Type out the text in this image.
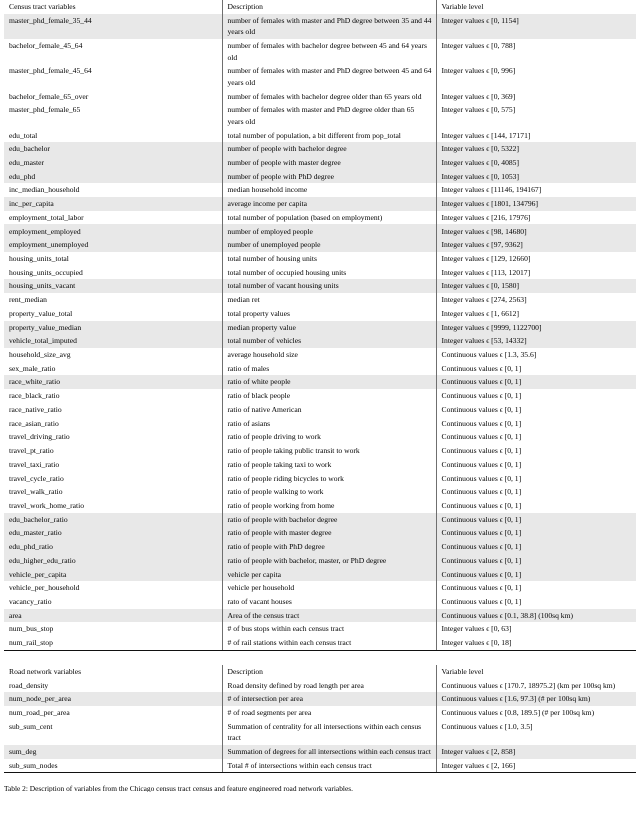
Census tract variables	Description	Variable level
master_phd_female_35_44	number of females with master and PhD degree between 35 and 44 years old	Integer values ϵ [0, 1154]
bachelor_female_45_64	number of females with bachelor degree between 45 and 64 years old	Integer values ϵ [0, 788]
master_phd_female_45_64	number of females with master and PhD degree between 45 and 64 years old	Integer values ϵ [0, 996]
bachelor_female_65_over	number of females with bachelor degree older than 65 years old	Integer values ϵ [0, 369]
master_phd_female_65	number of females with master and PhD degree older than 65 years old	Integer values ϵ [0, 575]
edu_total	total number of population, a bit different from pop_total	Integer values ϵ [144, 17171]
edu_bachelor	number of people with bachelor degree	Integer values ϵ [0, 5322]
edu_master	number of people with master degree	Integer values ϵ [0, 4085]
edu_phd	number of people with PhD degree	Integer values ϵ [0, 1053]
inc_median_household	median household income	Integer values ϵ [11146, 194167]
inc_per_capita	average income per capita	Integer values ϵ [1801, 134796]
employment_total_labor	total number of population (based on employment)	Integer values ϵ [216, 17976]
employment_employed	number of employed people	Integer values ϵ [98, 14680]
employment_unemployed	number of unemployed people	Integer values ϵ [97, 9362]
housing_units_total	total number of housing units	Integer values ϵ [129, 12660]
housing_units_occupied	total number of occupied housing units	Integer values ϵ [113, 12017]
housing_units_vacant	total number of vacant housing units	Integer values ϵ [0, 1580]
rent_median	median ret	Integer values ϵ [274, 2563]
property_value_total	total property values	Integer values ϵ [1, 6612]
property_value_median	median property value	Integer values ϵ [9999, 1122700]
vehicle_total_imputed	total number of vehicles	Integer values ϵ [53, 14332]
household_size_avg	average household size	Continuous values ϵ [1.3, 35.6]
sex_male_ratio	ratio of males	Continuous values ϵ [0, 1]
race_white_ratio	ratio of white people	Continuous values ϵ [0, 1]
race_black_ratio	ratio of black people	Continuous values ϵ [0, 1]
race_native_ratio	ratio of native American	Continuous values ϵ [0, 1]
race_asian_ratio	ratio of asians	Continuous values ϵ [0, 1]
travel_driving_ratio	ratio of people driving to work	Continuous values ϵ [0, 1]
travel_pt_ratio	ratio of people taking public transit to work	Continuous values ϵ [0, 1]
travel_taxi_ratio	ratio of people taking taxi to work	Continuous values ϵ [0, 1]
travel_cycle_ratio	ratio of people riding bicycles to work	Continuous values ϵ [0, 1]
travel_walk_ratio	ratio of people walking to work	Continuous values ϵ [0, 1]
travel_work_home_ratio	ratio of people working from home	Continuous values ϵ [0, 1]
edu_bachelor_ratio	ratio of people with bachelor degree	Continuous values ϵ [0, 1]
edu_master_ratio	ratio of people with master degree	Continuous values ϵ [0, 1]
edu_phd_ratio	ratio of people with PhD degree	Continuous values ϵ [0, 1]
edu_higher_edu_ratio	ratio of people with bachelor, master, or PhD degree	Continuous values ϵ [0, 1]
vehicle_per_capita	vehicle per capita	Continuous values ϵ [0, 1]
vehicle_per_household	vehicle per household	Continuous values ϵ [0, 1]
vacancy_ratio	rato of vacant houses	Continuous values ϵ [0, 1]
area	Area of the census tract	Continuous values ϵ [0.1, 38.8] (100sq km)
num_bus_stop	# of bus stops within each census tract	Integer values ϵ [0, 63]
num_rail_stop	# of rail stations within each census tract	Integer values ϵ [0, 18]
Road network variables	Description	Variable level
road_density	Road density defined by road length per area	Continuous values ϵ [170.7, 18975.2] (km per 100sq km)
num_node_per_area	# of intersection per area	Continuous values ϵ [1.6, 97.3] (# per 100sq km)
num_road_per_area	# of road segments per area	Continuous values ϵ [0.8, 189.5] (# per 100sq km)
sub_sum_cent	Summation of centrality for all intersections within each census tract	Continuous values ϵ [1.0, 3.5]
sum_deg	Summation of degrees for all intersections within each census tract	Integer values ϵ [2, 858]
sub_sum_nodes	Total # of intersections within each census tract	Integer values ϵ [2, 166]
Table 2: Description of variables from the Chicago census tract census and feature engineered road network variables.
